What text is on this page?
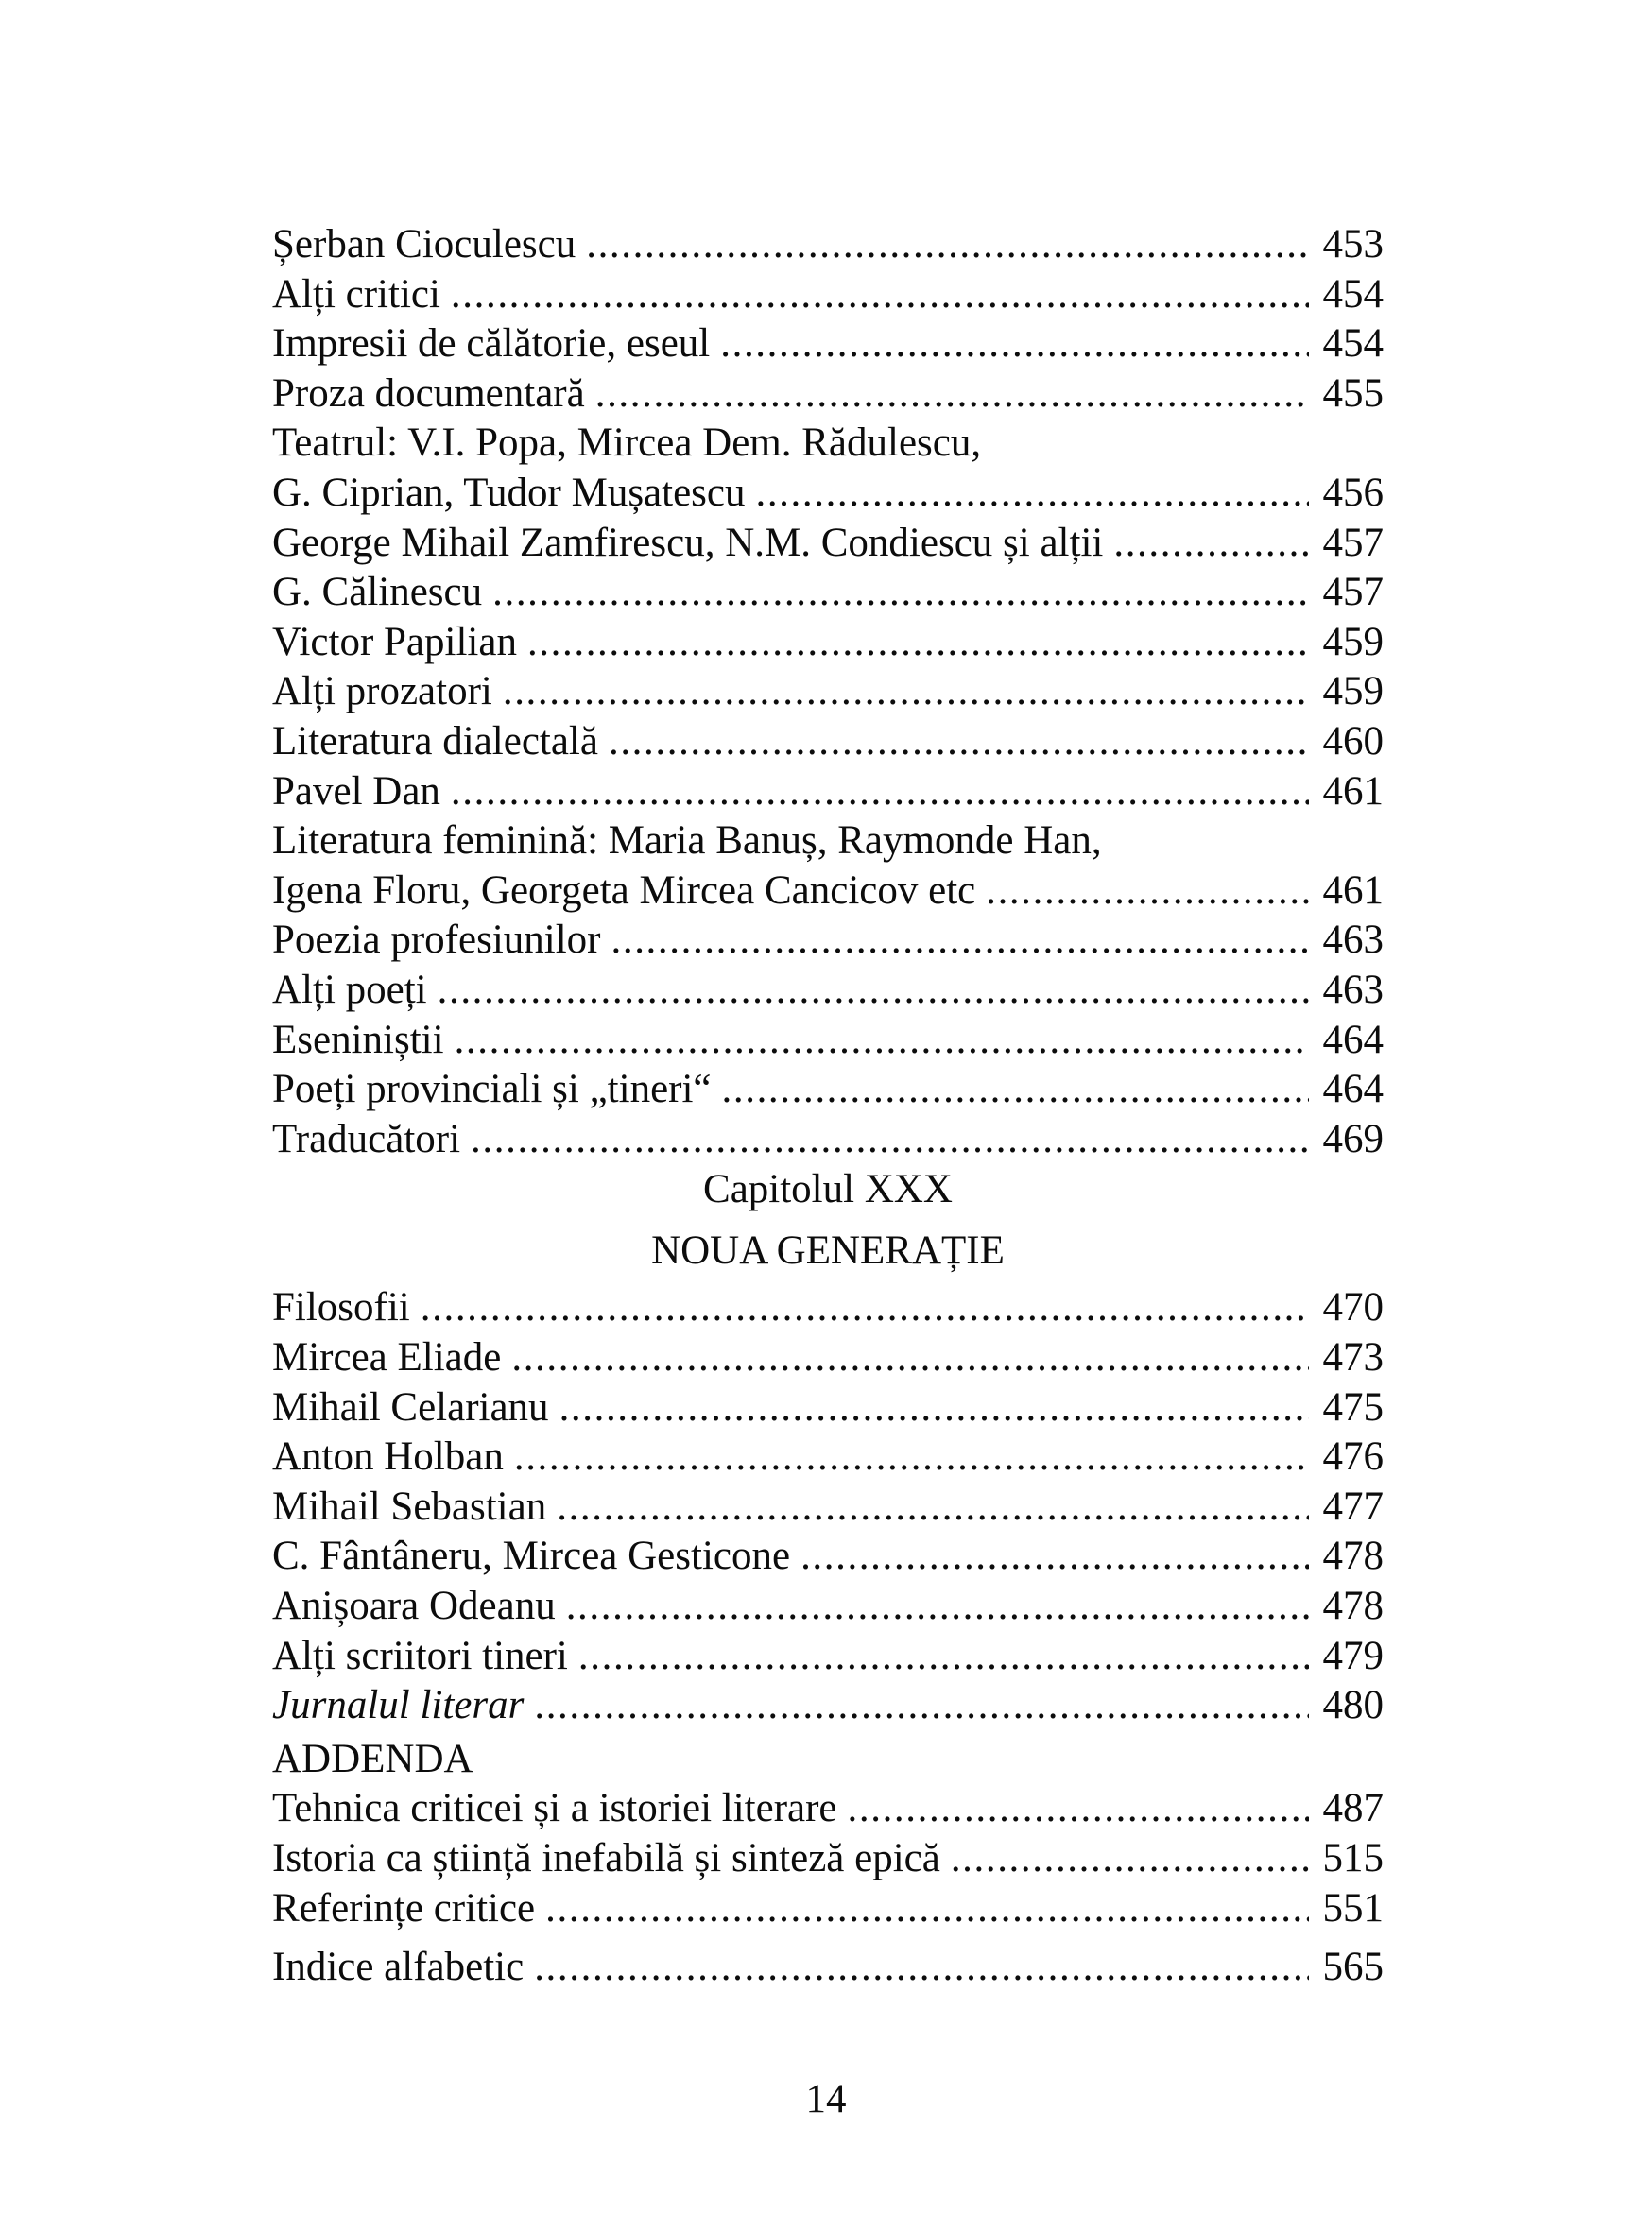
Șerban Cioculescu .....	453
Alți critici .....	454
Impresii de călătorie, eseul .....	454
Proza documentară .....	455
Teatrul: V.I. Popa, Mircea Dem. Rădulescu,
G. Ciprian, Tudor Mușatescu .....	456
George Mihail Zamfirescu, N.M. Condiescu și alții .....	457
G. Călinescu .....	457
Victor Papilian .....	459
Alți prozatori .....	459
Literatura dialectală .....	460
Pavel Dan .....	461
Literatura feminină: Maria Banuș, Raymonde Han,
Igena Floru, Georgeta Mircea Cancicov etc .....	461
Poezia profesiunilor .....	463
Alți poeți .....	463
Eseniniștii .....	464
Poeți provinciali și „tineri“ .....	464
Traducători .....	469
Capitolul XXX
NOUA GENERAȚIE
Filosofii .....	470
Mircea Eliade .....	473
Mihail Celarianu .....	475
Anton Holban .....	476
Mihail Sebastian .....	477
C. Fântâneru, Mircea Gesticone .....	478
Anișoara Odeanu .....	478
Alți scriitori tineri .....	479
Jurnalul literar .....	480
ADDENDA
Tehnica criticei și a istoriei literare .....	487
Istoria ca știință inefabilă și sinteză epică .....	515
Referințe critice .....	551
Indice alfabetic .....	565
14
